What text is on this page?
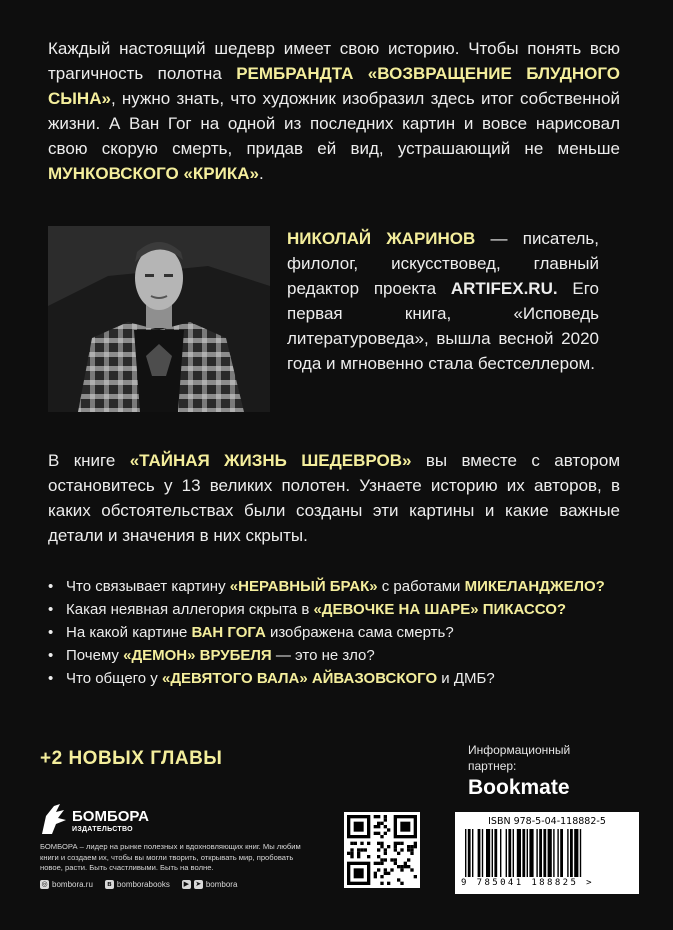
Каждый настоящий шедевр имеет свою историю. Чтобы понять всю трагичность полотна РЕМБРАНДТА «ВОЗВРАЩЕНИЕ БЛУДНОГО СЫНА», нужно знать, что художник изобразил здесь итог собственной жизни. А Ван Гог на одной из последних картин и вовсе нарисовал свою скорую смерть, придав ей вид, устрашающий не меньше МУНКОВСКОГО «КРИКА».
НИКОЛАЙ ЖАРИНОВ — писатель, филолог, искусствовед, главный редактор проекта ARTIFEX.RU. Его первая книга, «Исповедь литературоведа», вышла весной 2020 года и мгновенно стала бестселлером.
В книге «ТАЙНАЯ ЖИЗНЬ ШЕДЕВРОВ» вы вместе с автором остановитесь у 13 великих полотен. Узнаете историю их авторов, в каких обстоятельствах были созданы эти картины и какие важные детали и значения в них скрыты.
• Что связывает картину «НЕРАВНЫЙ БРАК» с работами МИКЕЛАНДЖЕЛО?
• Какая неявная аллегория скрыта в «ДЕВОЧКЕ НА ШАРЕ» ПИКАССО?
• На какой картине ВАН ГОГА изображена сама смерть?
• Почему «ДЕМОН» ВРУБЕЛЯ — это не зло?
• Что общего у «ДЕВЯТОГО ВАЛА» АЙВАЗОВСКОГО и ДМБ?
+2 НОВЫХ ГЛАВЫ	Информационный
партнер:
Bookmate
БОМБОРА
ИЗДАТЕЛЬСТВО
БОМБОРА – лидер на рынке полезных и вдохновляющих книг. Мы любим книги и создаем их, чтобы вы могли творить, открывать мир, пробовать новое, расти. Быть счастливыми. Быть на волне.
◎ bombora.ru	в bomborabooks ▶ ➤ bombora
ISBN 978-5-04-118882-5
9 785041 188825 >
